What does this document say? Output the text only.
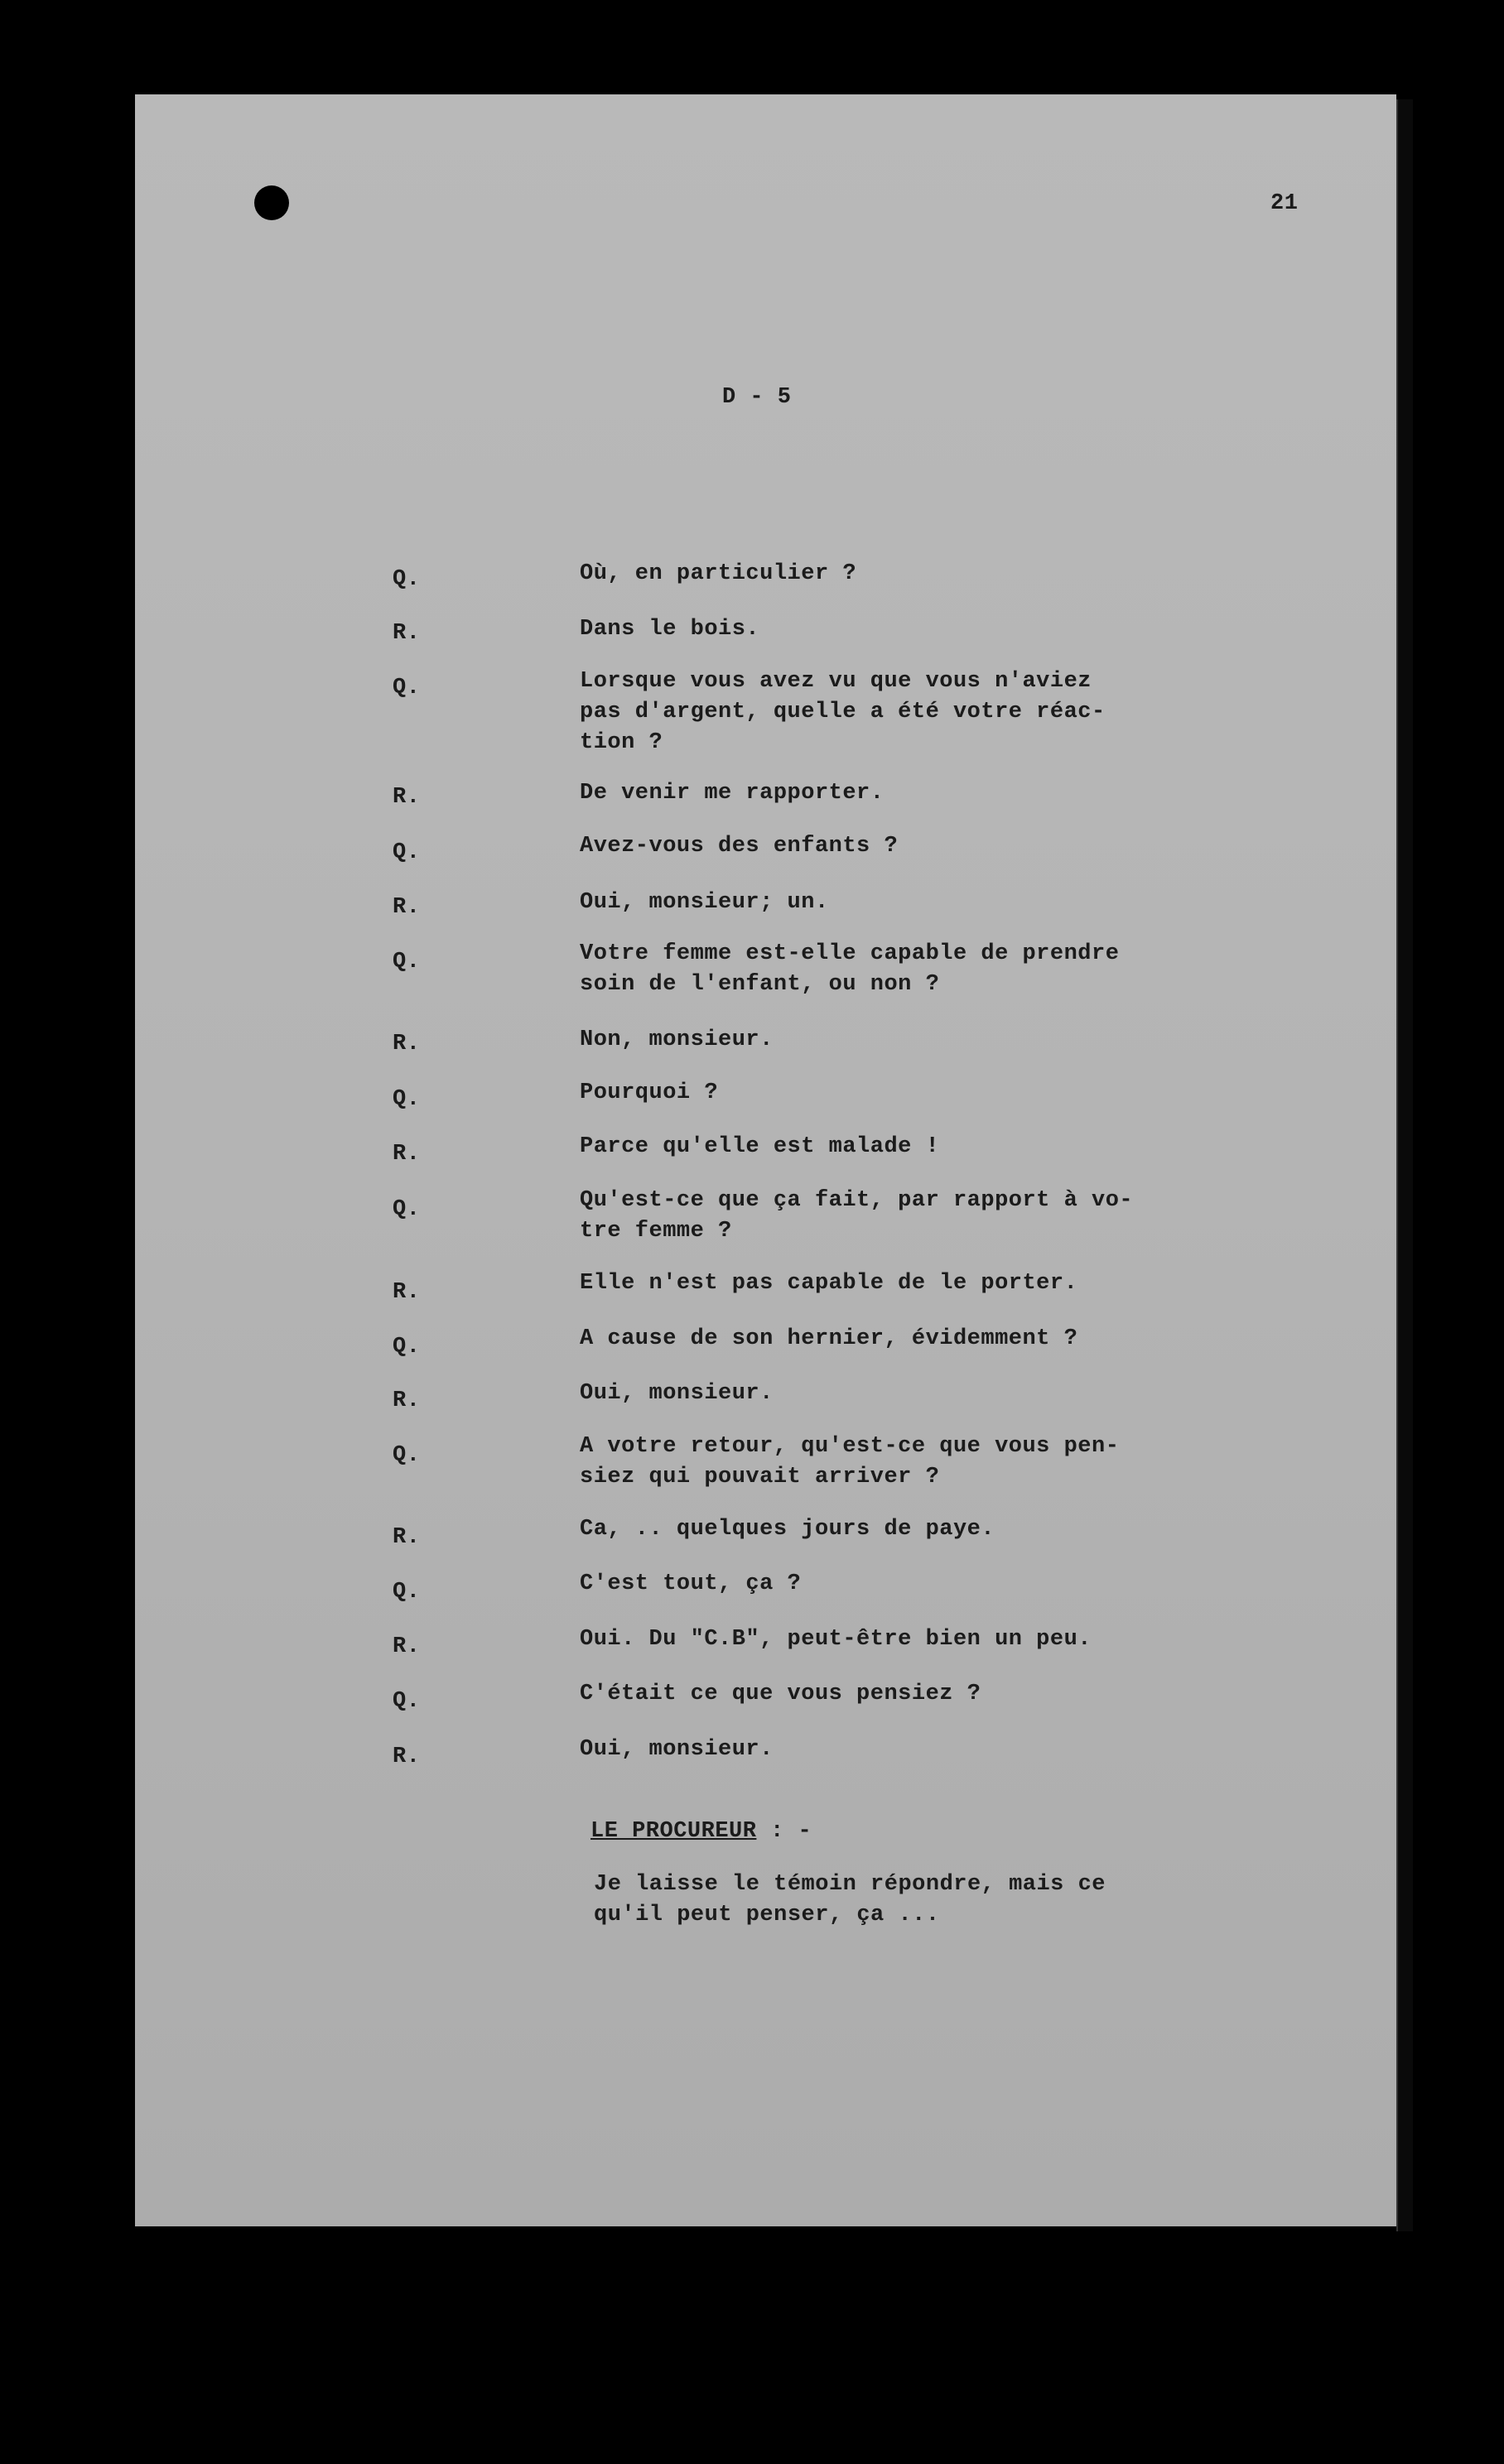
21
D - 5
Q.	Où, en particulier ?
R.	Dans le bois.
Q.	Lorsque vous avez vu que vous n'aviez
pas d'argent, quelle a été votre réac-
tion ?
R.	De venir me rapporter.
Q.	Avez-vous des enfants ?
R.	Oui, monsieur; un.
Q.	Votre femme est-elle capable de prendre
soin de l'enfant, ou non ?
R.	Non, monsieur.
Q.	Pourquoi ?
R.	Parce qu'elle est malade !
Q.	Qu'est-ce que ça fait, par rapport à vo-
tre femme ?
R.	Elle n'est pas capable de le porter.
Q.	A cause de son hernier, évidemment ?
R.	Oui, monsieur.
Q.	A votre retour, qu'est-ce que vous pen-
siez qui pouvait arriver ?
R.	Ca, .. quelques jours de paye.
Q.	C'est tout, ça ?
R.	Oui. Du "C.B", peut-être bien un peu.
Q.	C'était ce que vous pensiez ?
R.	Oui, monsieur.
LE PROCUREUR : -
Je laisse le témoin répondre, mais ce
qu'il peut penser, ça ...
